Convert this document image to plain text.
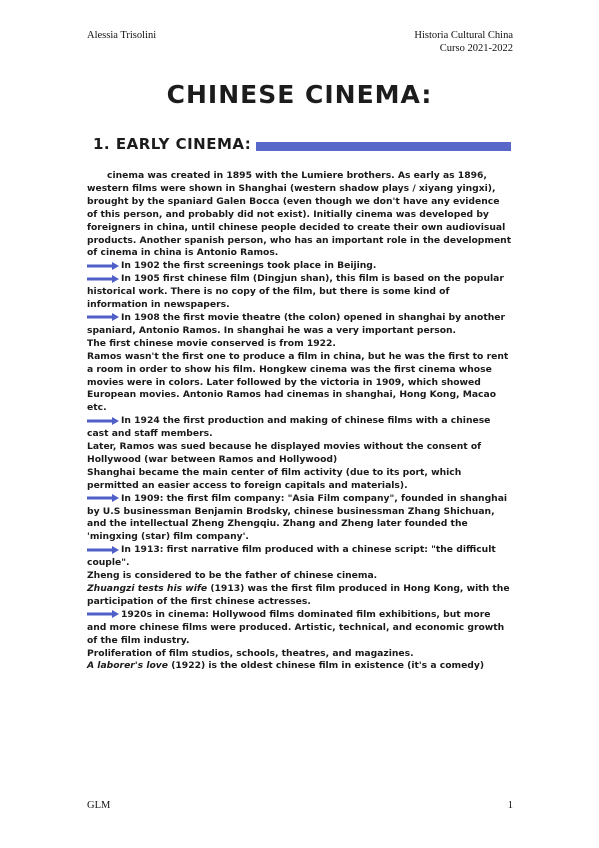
Alessia Trisolini	Historia Cultural China
Curso 2021-2022
CHINESE CINEMA:
1. EARLY CINEMA:

cinema was created in 1895 with the Lumiere brothers. As early as 1896, western films were shown in Shanghai (western shadow plays / xiyang yingxi), brought by the spaniard Galen Bocca (even though we don't have any evidence of this person, and probably did not exist). Initially cinema was developed by foreigners in china, until chinese people decided to create their own audiovisual products. Another spanish person, who has an important role in the development of cinema in china is Antonio Ramos.

In 1902 the first screenings took place in Beijing.

In 1905 first chinese film (Dingjun shan), this film is based on the popular historical work. There is no copy of the film, but there is some kind of information in newspapers.

In 1908 the first movie theatre (the colon) opened in shanghai by another spaniard, Antonio Ramos. In shanghai he was a very important person.

The first chinese movie conserved is from 1922.

Ramos wasn't the first one to produce a film in china, but he was the first to rent a room in order to show his film. Hongkew cinema was the first cinema whose movies were in colors. Later followed by the victoria in 1909, which showed European movies. Antonio Ramos had cinemas in shanghai, Hong Kong, Macao etc.

In 1924 the first production and making of chinese films with a chinese cast and staff members.

Later, Ramos was sued because he displayed movies without the consent of Hollywood (war between Ramos and Hollywood)

Shanghai became the main center of film activity (due to its port, which permitted an easier access to foreign capitals and materials).

In 1909: the first film company: "Asia Film company", founded in shanghai by U.S businessman Benjamin Brodsky, chinese businessman Zhang Shichuan, and the intellectual Zheng Zhengqiu. Zhang and Zheng later founded the 'mingxing (star) film company'.

In 1913: first narrative film produced with a chinese script: "the difficult couple".

Zheng is considered to be the father of chinese cinema.

Zhuangzi tests his wife (1913) was the first film produced in Hong Kong, with the participation of the first chinese actresses.

1920s in cinema: Hollywood films dominated film exhibitions, but more and more chinese films were produced. Artistic, technical, and economic growth of the film industry.

Proliferation of film studios, schools, theatres, and magazines.

A laborer's love (1922) is the oldest chinese film in existence (it's a comedy)

GLM	1
